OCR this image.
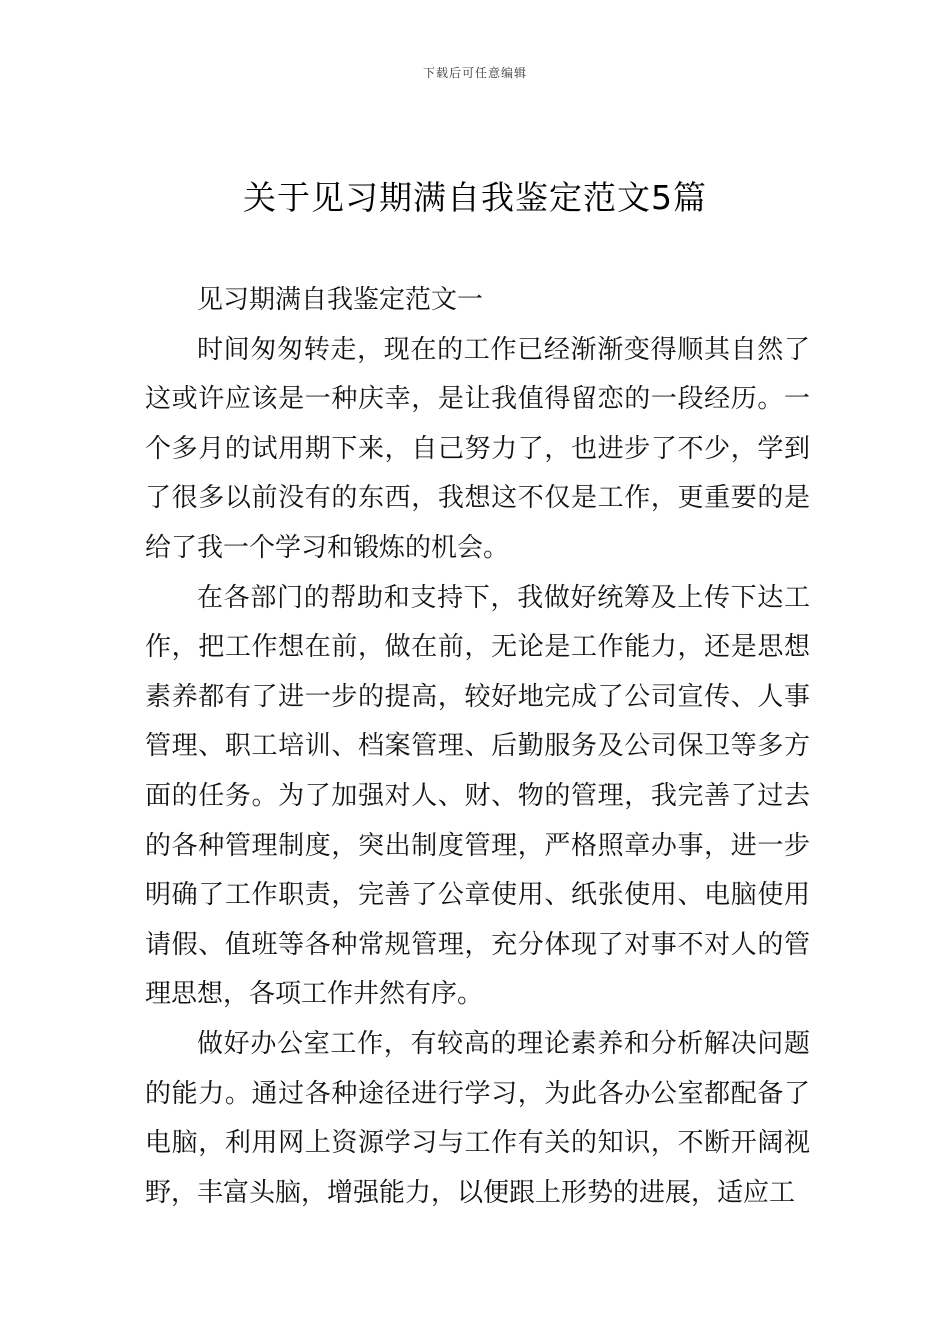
下载后可任意编辑
关于见习期满自我鉴定范文5篇

见习期满自我鉴定范文一

时间匆匆转走，现在的工作已经渐渐变得顺其自然了这或许应该是一种庆幸，是让我值得留恋的一段经历。一个多月的试用期下来，自己努力了，也进步了不少，学到了很多以前没有的东西，我想这不仅是工作，更重要的是给了我一个学习和锻炼的机会。

在各部门的帮助和支持下，我做好统筹及上传下达工作，把工作想在前，做在前，无论是工作能力，还是思想素养都有了进一步的提高，较好地完成了公司宣传、人事管理、职工培训、档案管理、后勤服务及公司保卫等多方面的任务。为了加强对人、财、物的管理，我完善了过去的各种管理制度，突出制度管理，严格照章办事，进一步明确了工作职责，完善了公章使用、纸张使用、电脑使用请假、值班等各种常规管理，充分体现了对事不对人的管理思想，各项工作井然有序。

做好办公室工作，有较高的理论素养和分析解决问题的能力。通过各种途径进行学习，为此各办公室都配备了电脑，利用网上资源学习与工作有关的知识，不断开阔视野，丰富头脑，增强能力，以便跟上形势的进展，适应工
